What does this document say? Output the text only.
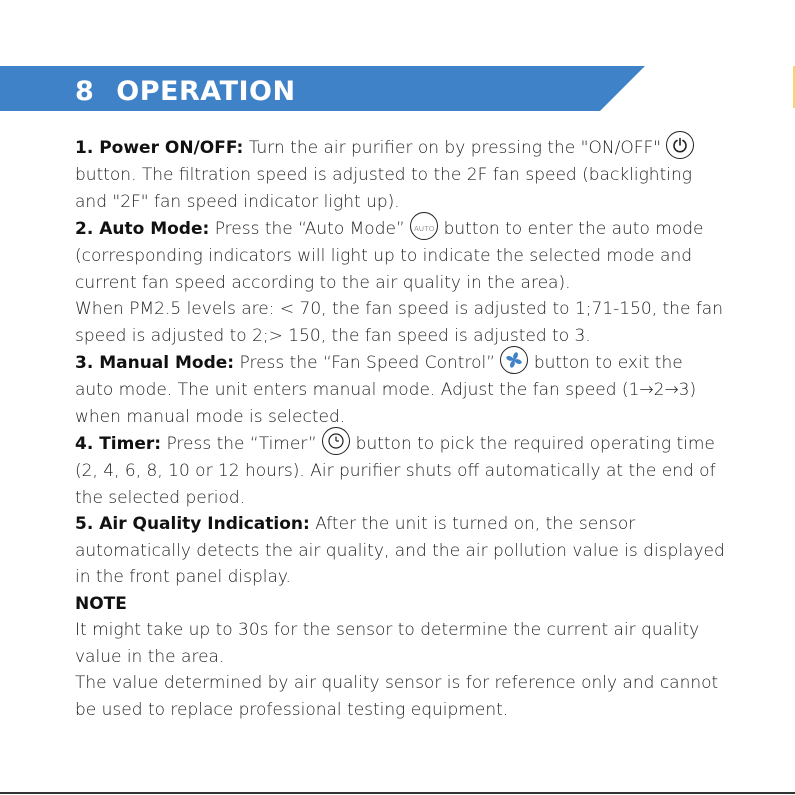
8 OPERATION

1. Power ON/OFF: Turn the air purifier on by pressing the "ON/OFF"
button. The filtration speed is adjusted to the 2F fan speed (backlighting and "2F" fan speed indicator light up).

2. Auto Mode: Press the “Auto Mode” AUTO button to enter the auto mode (corresponding indicators will light up to indicate the selected mode and current fan speed according to the air quality in the area).

When PM2.5 levels are: < 70, the fan speed is adjusted to 1;71-150, the fan speed is adjusted to 2;> 150, the fan speed is adjusted to 3.

3. Manual Mode: Press the “Fan Speed Control” button to exit the auto mode. The unit enters manual mode. Adjust the fan speed (1→2→3) when manual mode is selected.

4. Timer: Press the “Timer” button to pick the required operating time (2, 4, 6, 8, 10 or 12 hours). Air purifier shuts off automatically at the end of the selected period.

5. Air Quality Indication: After the unit is turned on, the sensor automatically detects the air quality, and the air pollution value is displayed in the front panel display.

NOTE

It might take up to 30s for the sensor to determine the current air quality value in the area.

The value determined by air quality sensor is for reference only and cannot be used to replace professional testing equipment.
